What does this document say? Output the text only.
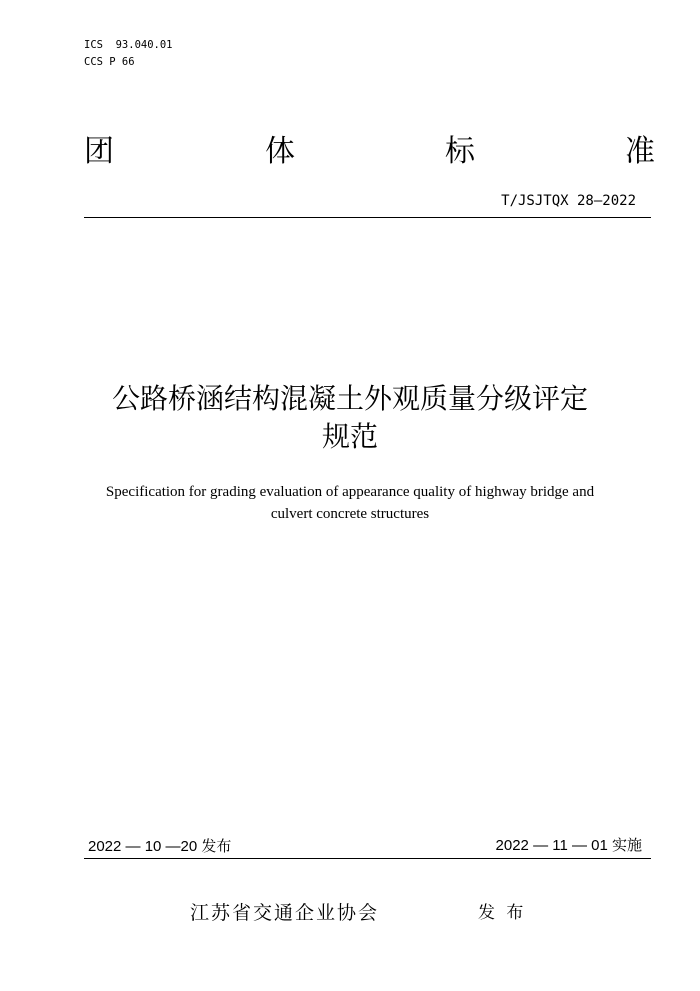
ICS  93.040.01
CCS P 66
团	体	标	准
T/JSJTQX 28—2022
公路桥涵结构混凝土外观质量分级评定
规范
Specification for grading evaluation of appearance quality of highway bridge and
culvert concrete structures
2022 — 10 —20 发布	2022 — 11 — 01 实施
江苏省交通企业协会	发 布
